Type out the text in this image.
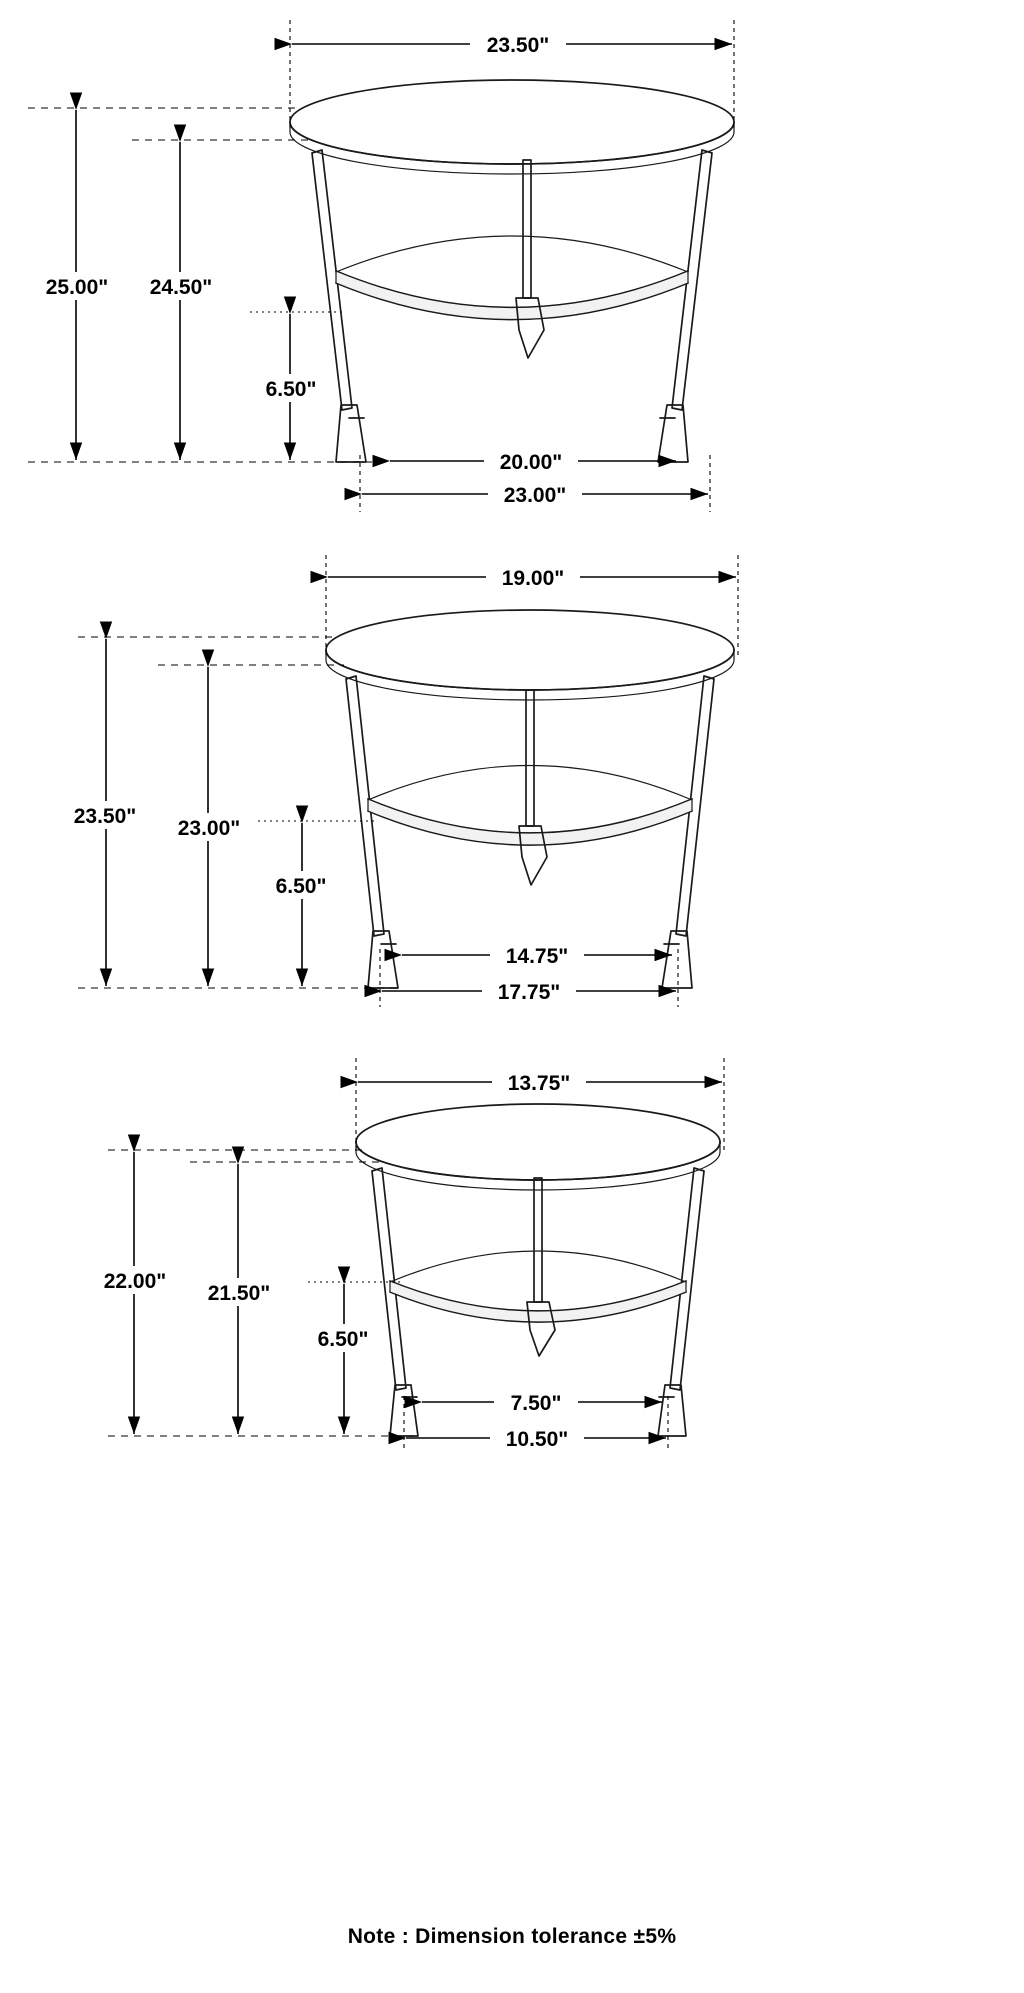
23.50"
25.00" 24.50"
6.50"
20.00"
23.00"
19.00"
23.50"
23.00"
6.50"
14.75"
17.75"
13.75"
22.00"
21.50"
6.50"
7.50"
10.50"
Note : Dimension tolerance ±5%
